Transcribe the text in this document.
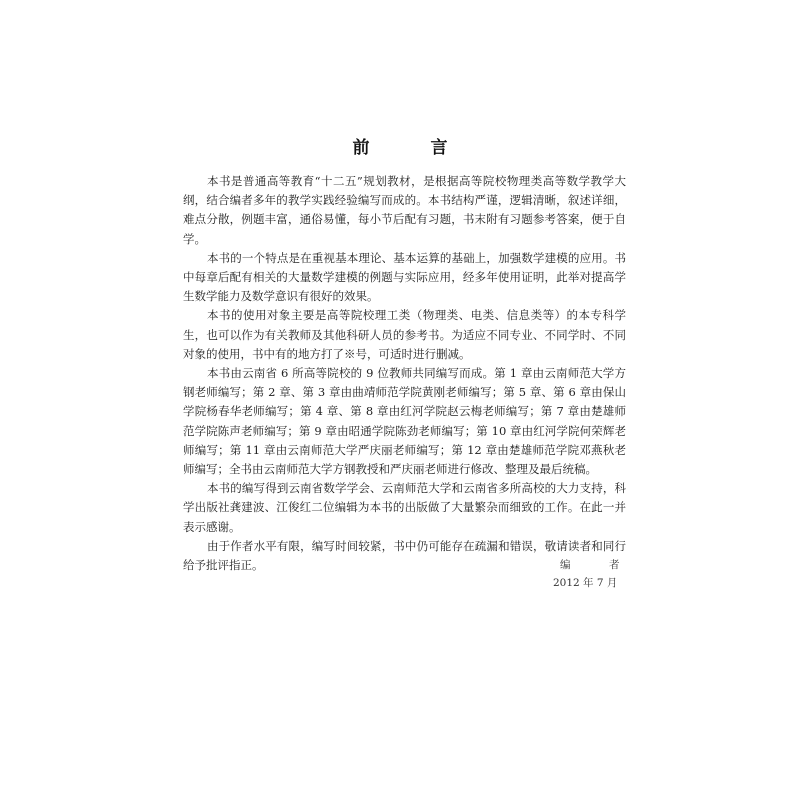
前　言

本书是普通高等教育“十二五”规划教材，是根据高等院校物理类高等数学教学大纲，结合编者多年的教学实践经验编写而成的。本书结构严谨，逻辑清晰，叙述详细，难点分散，例题丰富，通俗易懂，每小节后配有习题，书末附有习题参考答案，便于自学。

本书的一个特点是在重视基本理论、基本运算的基础上，加强数学建模的应用。书中每章后配有相关的大量数学建模的例题与实际应用，经多年使用证明，此举对提高学生数学能力及数学意识有很好的效果。

本书的使用对象主要是高等院校理工类（物理类、电类、信息类等）的本专科学生，也可以作为有关教师及其他科研人员的参考书。为适应不同专业、不同学时、不同对象的使用，书中有的地方打了※号，可适时进行删减。

本书由云南省 6 所高等院校的 9 位教师共同编写而成。第 1 章由云南师范大学方钢老师编写；第 2 章、第 3 章由曲靖师范学院黄刚老师编写；第 5 章、第 6 章由保山学院杨春华老师编写；第 4 章、第 8 章由红河学院赵云梅老师编写；第 7 章由楚雄师范学院陈声老师编写；第 9 章由昭通学院陈劲老师编写；第 10 章由红河学院何荣辉老师编写；第 11 章由云南师范大学严庆丽老师编写；第 12 章由楚雄师范学院邓燕秋老师编写；全书由云南师范大学方钢教授和严庆丽老师进行修改、整理及最后统稿。

本书的编写得到云南省数学学会、云南师范大学和云南省多所高校的大力支持，科学出版社龚建波、江俊红二位编辑为本书的出版做了大量繁杂而细致的工作。在此一并表示感谢。

由于作者水平有限，编写时间较紧，书中仍可能存在疏漏和错误，敬请读者和同行给予批评指正。	编　者
2012 年 7 月
